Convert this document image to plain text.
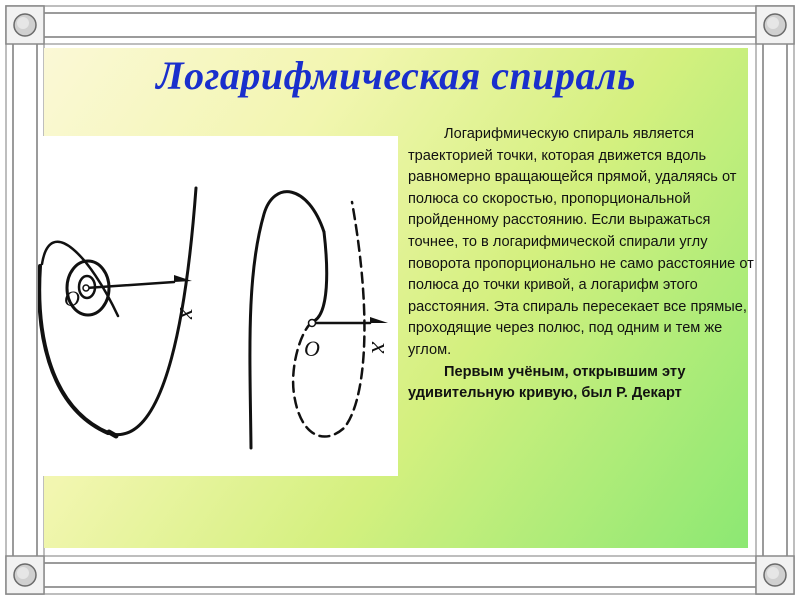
Логарифмическая спираль
O
x
O x

Логарифмическую спираль является траекторией точки, которая движется вдоль равномерно вращающейся прямой, удаляясь от полюса со скоростью, пропорциональной пройденному расстоянию. Если выражаться точнее, то в логарифмической спирали углу поворота пропорционально не само расстояние от полюса до точки кривой, а логарифм этого расстояния. Эта спираль пересекает все прямые, проходящие через полюс, под одним и тем же углом.

Первым учёным, открывшим эту удивительную кривую, был Р. Декарт
